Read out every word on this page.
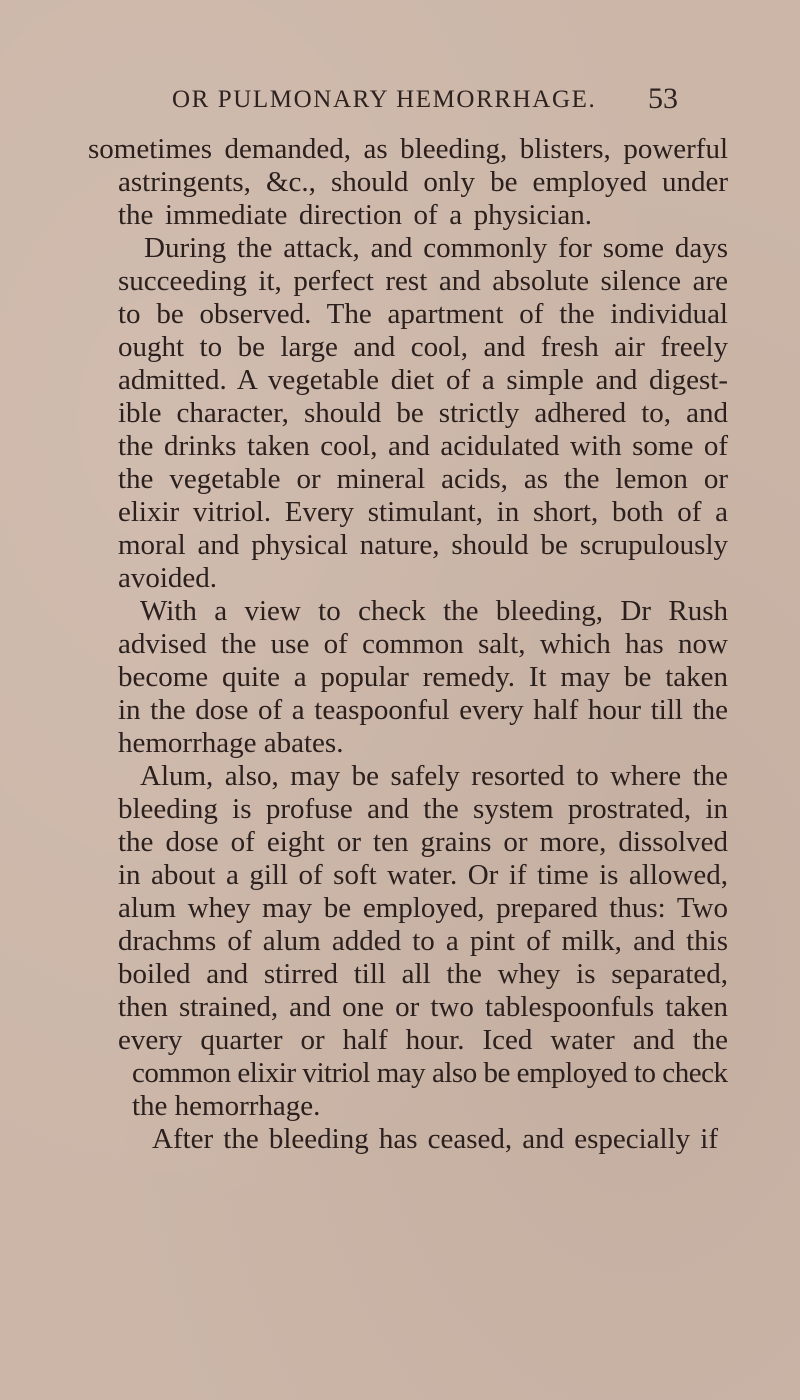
OR PULMONARY HEMORRHAGE. 53
sometimes demanded, as bleeding, blisters, powerful
astringents, &c., should only be employed under
the immediate direction of a physician.
During the attack, and commonly for some days
succeeding it, perfect rest and absolute silence are
to be observed. The apartment of the individual
ought to be large and cool, and fresh air freely
admitted. A vegetable diet of a simple and digest-
ible character, should be strictly adhered to, and
the drinks taken cool, and acidulated with some of
the vegetable or mineral acids, as the lemon or
elixir vitriol. Every stimulant, in short, both of a
moral and physical nature, should be scrupulously
avoided.
With a view to check the bleeding, Dr Rush
advised the use of common salt, which has now
become quite a popular remedy. It may be taken
in the dose of a teaspoonful every half hour till the
hemorrhage abates.
Alum, also, may be safely resorted to where the
bleeding is profuse and the system prostrated, in
the dose of eight or ten grains or more, dissolved
in about a gill of soft water. Or if time is allowed,
alum whey may be employed, prepared thus: Two
drachms of alum added to a pint of milk, and this
boiled and stirred till all the whey is separated,
then strained, and one or two tablespoonfuls taken
every quarter or half hour. Iced water and the
common elixir vitriol may also be employed to check
the hemorrhage.
After the bleeding has ceased, and especially if
